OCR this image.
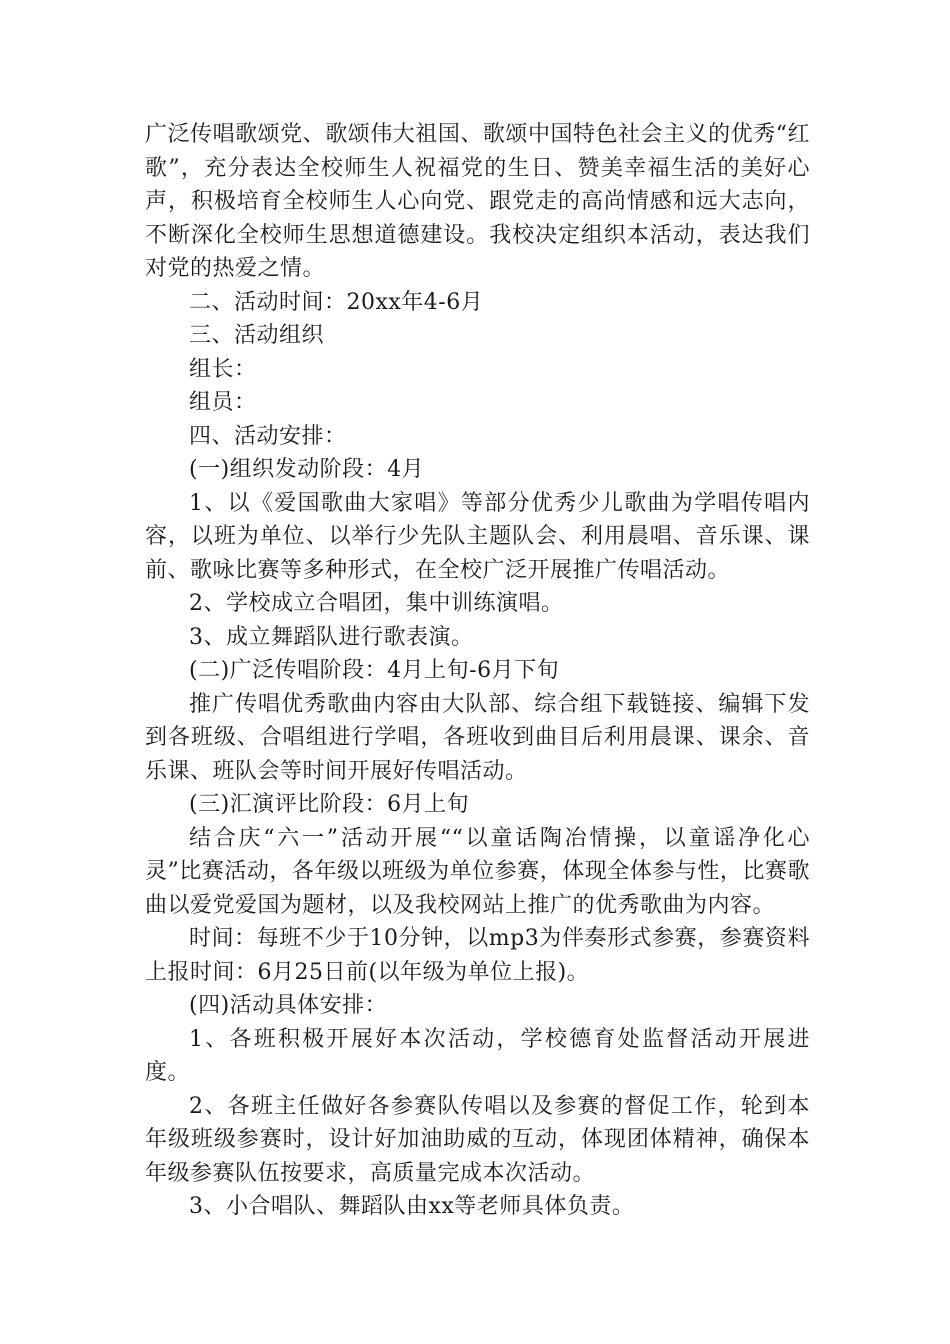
广泛传唱歌颂党、歌颂伟大祖国、歌颂中国特色社会主义的优秀“红歌”，充分表达全校师生人祝福党的生日、赞美幸福生活的美好心声，积极培育全校师生人心向党、跟党走的高尚情感和远大志向，不断深化全校师生思想道德建设。我校决定组织本活动，表达我们对党的热爱之情。

二、活动时间：20xx年4-6月

三、活动组织

组长：

组员：

四、活动安排：

(一)组织发动阶段：4月

1、以《爱国歌曲大家唱》等部分优秀少儿歌曲为学唱传唱内容，以班为单位、以举行少先队主题队会、利用晨唱、音乐课、课前、歌咏比赛等多种形式，在全校广泛开展推广传唱活动。

2、学校成立合唱团，集中训练演唱。

3、成立舞蹈队进行歌表演。

(二)广泛传唱阶段：4月上旬-6月下旬

推广传唱优秀歌曲内容由大队部、综合组下载链接、编辑下发到各班级、合唱组进行学唱，各班收到曲目后利用晨课、课余、音乐课、班队会等时间开展好传唱活动。

(三)汇演评比阶段：6月上旬

结合庆“六一”活动开展““以童话陶冶情操，以童谣净化心灵”比赛活动，各年级以班级为单位参赛，体现全体参与性，比赛歌曲以爱党爱国为题材，以及我校网站上推广的优秀歌曲为内容。

时间：每班不少于10分钟，以mp3为伴奏形式参赛，参赛资料上报时间：6月25日前(以年级为单位上报)。

(四)活动具体安排：

1、各班积极开展好本次活动，学校德育处监督活动开展进度。

2、各班主任做好各参赛队传唱以及参赛的督促工作，轮到本年级班级参赛时，设计好加油助威的互动，体现团体精神，确保本年级参赛队伍按要求，高质量完成本次活动。

3、小合唱队、舞蹈队由xx等老师具体负责。
